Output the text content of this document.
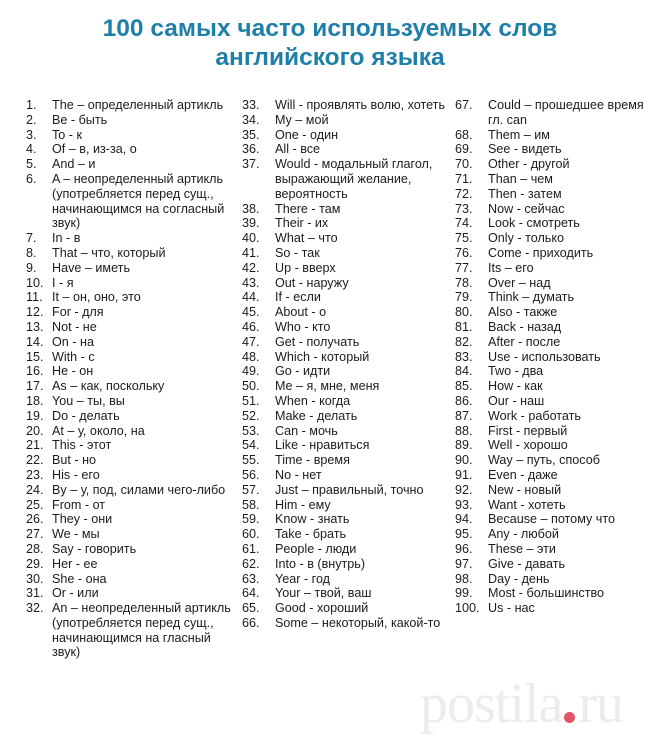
100 самых часто используемых слов
английского языка
1.	The – определенный артикль
2.	Be - быть
3.	To - к
4.	Of – в, из-за, о
5.	And – и
6.	A – неопределенный артикль (употребляется перед сущ., начинающимся на согласный звук)
7.	In - в
8.	That – что, который
9.	Have – иметь
10. I - я
11. It – он, оно, это
12. For - для
13. Not - не
14. On - на
15. With - с
16. He - он
17. As – как, поскольку
18. You – ты, вы
19. Do - делать
20. At – у, около, на
21. This - этот
22. But - но
23. His - его
24. By – у, под, силами чего-либо
25. From - от
26. They - они
27. We - мы
28. Say - говорить
29. Her - ее
30. She - она
31. Or - или
32. An – неопределенный артикль (употребляется перед сущ., начинающимся на гласный звук)
33.	Will - проявлять волю, хотеть
34.	My – мой
35.	One - один
36.	All - все
37.	Would - модальный глагол, выражающий желание, вероятность
38.	There - там
39.	Their - их
40.	What – что
41.	So - так
42.	Up - вверх
43.	Out - наружу
44.	If - если
45.	About - о
46.	Who - кто
47.	Get - получать
48.	Which - который
49.	Go - идти
50.	Me – я, мне, меня
51.	When - когда
52.	Make - делать
53.	Can - мочь
54.	Like - нравиться
55.	Time - время
56.	No - нет
57.	Just – правильный, точно
58.	Him - ему
59.	Know - знать
60.	Take - брать
61.	People - люди
62.	Into - в (внутрь)
63.	Year - год
64.	Your – твой, ваш
65.	Good - хороший
66.	Some – некоторый, какой-то
67.	Could – прошедшее время гл. can
68.	Them – им
69.	See - видеть
70.	Other - другой
71.	Than – чем
72.	Then - затем
73.	Now - сейчас
74.	Look - смотреть
75.	Only - только
76.	Come - приходить
77.	Its – его
78.	Over – над
79.	Think – думать
80.	Also - также
81.	Back - назад
82.	After - после
83.	Use - использовать
84.	Two - два
85.	How - как
86.	Our - наш
87.	Work - работать
88.	First - первый
89.	Well - хорошо
90.	Way – путь, способ
91.	Even - даже
92.	New - новый
93.	Want - хотеть
94.	Because – потому что
95.	Any - любой
96.	These – эти
97.	Give - давать
98.	Day - день
99.	Most - большинство
100. Us - нас
postila ru
